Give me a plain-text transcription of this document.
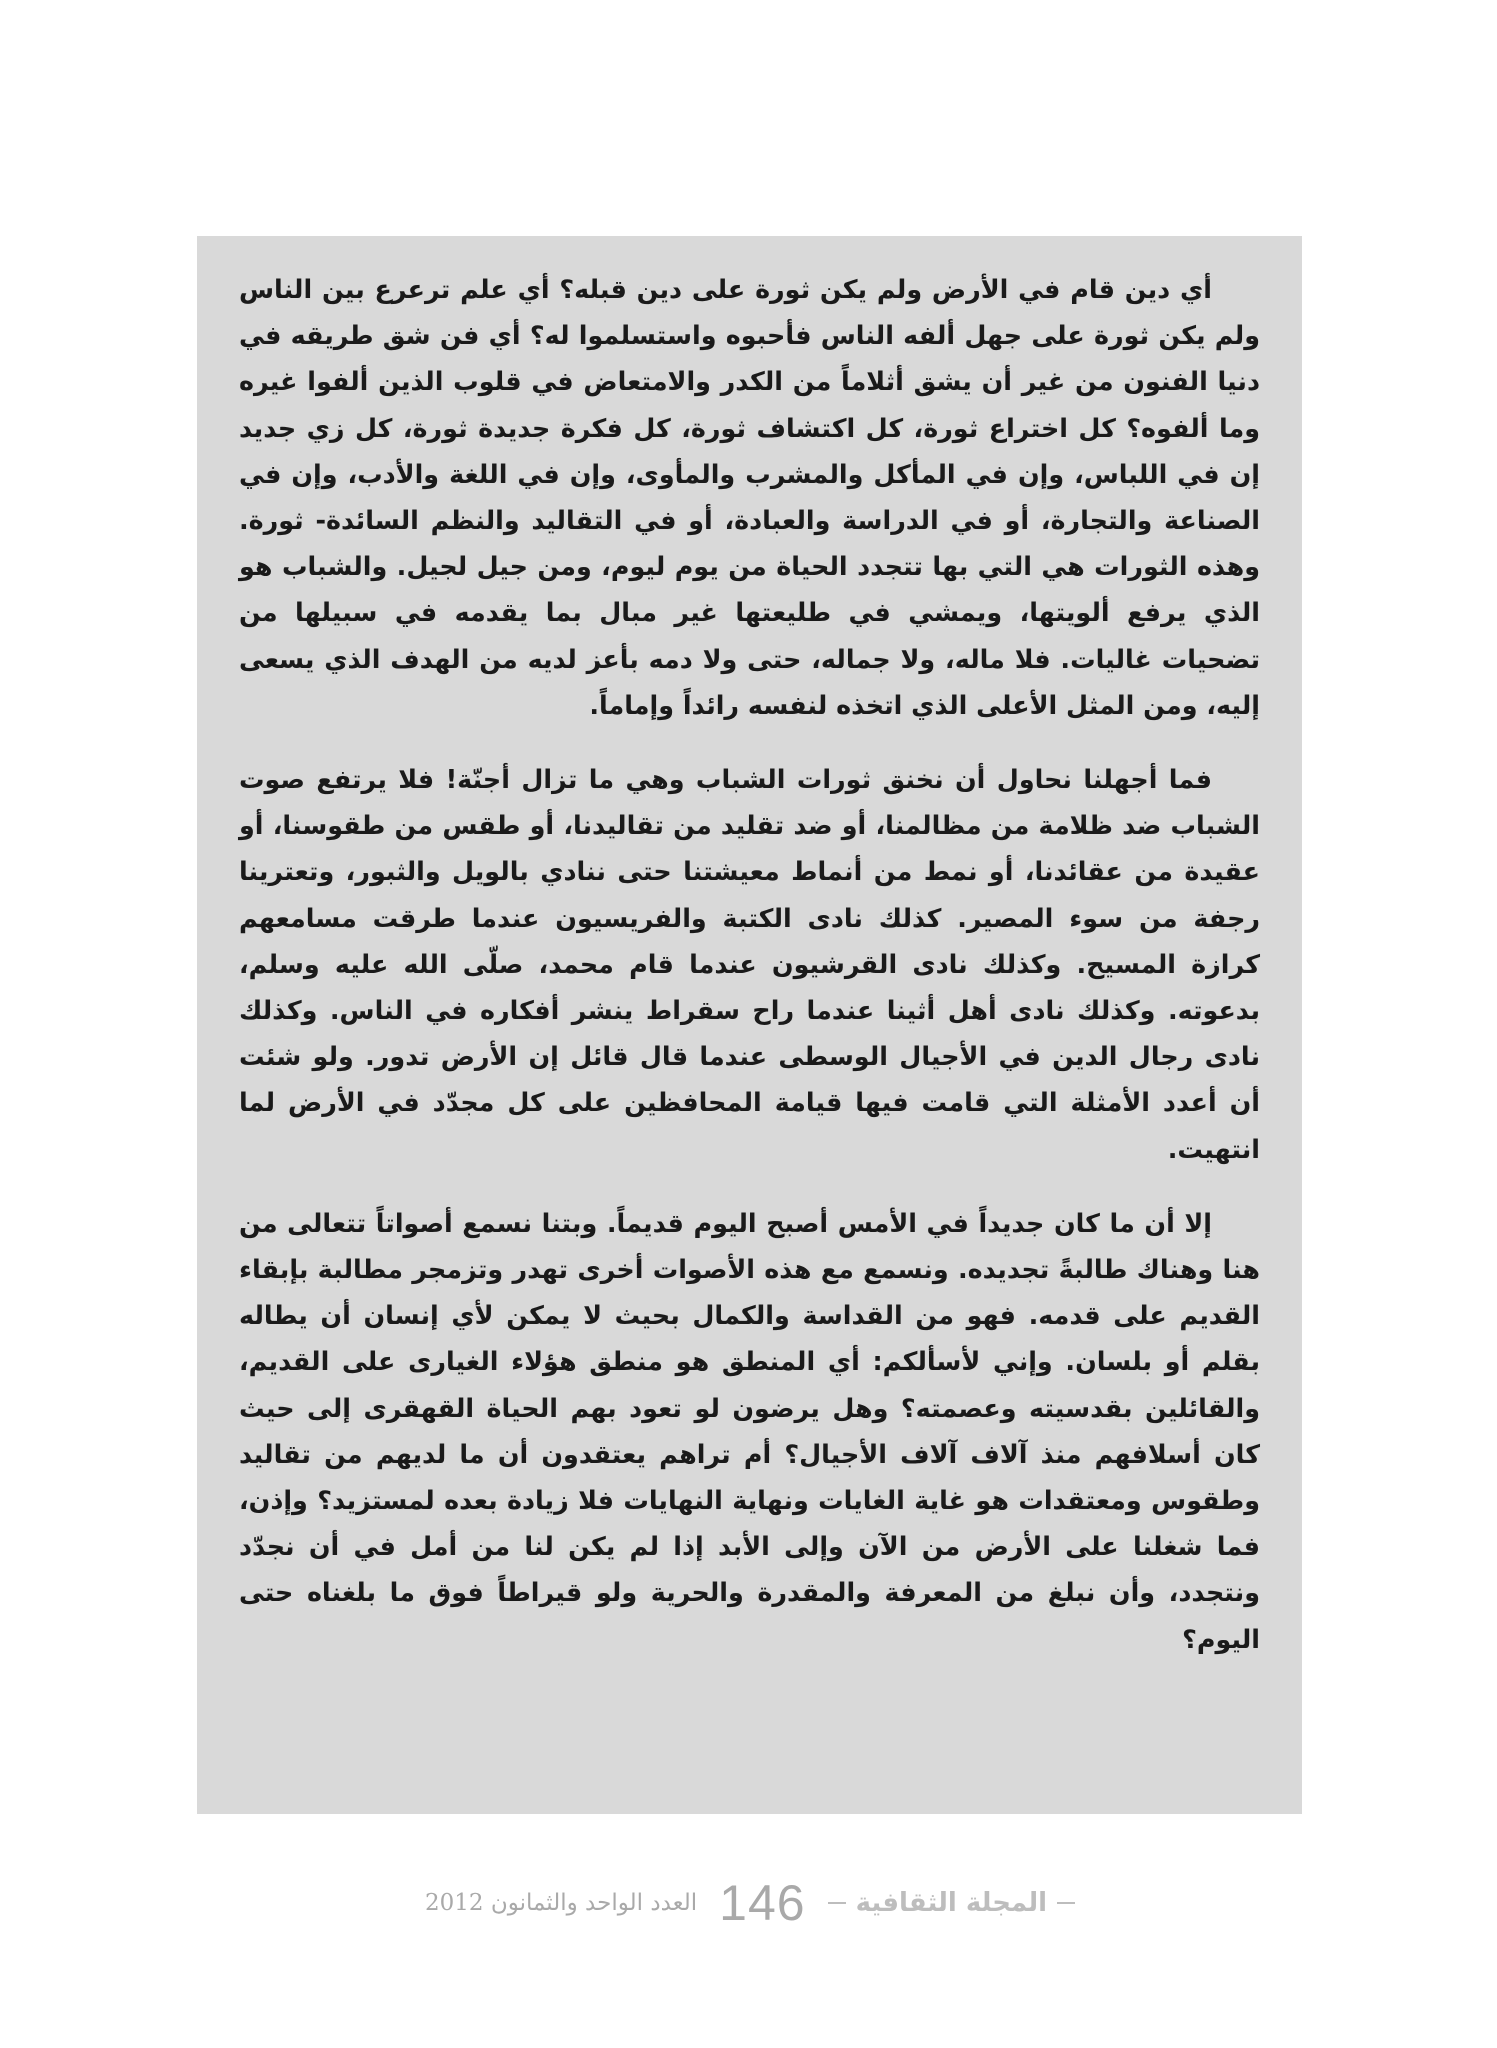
أي دين قام في الأرض ولم يكن ثورة على دين قبله؟ أي علم ترعرع بين الناس ولم يكن ثورة على جهل ألفه الناس فأحبوه واستسلموا له؟ أي فن شق طريقه في دنيا الفنون من غير أن يشق أثلاماً من الكدر والامتعاض في قلوب الذين ألفوا غيره وما ألفوه؟ كل اختراع ثورة، كل اكتشاف ثورة، كل فكرة جديدة ثورة، كل زي جديد إن في اللباس، وإن في المأكل والمشرب والمأوى، وإن في اللغة والأدب، وإن في الصناعة والتجارة، أو في الدراسة والعبادة، أو في التقاليد والنظم السائدة- ثورة. وهذه الثورات هي التي بها تتجدد الحياة من يوم ليوم، ومن جيل لجيل. والشباب هو الذي يرفع ألويتها، ويمشي في طليعتها غير مبال بما يقدمه في سبيلها من تضحيات غاليات. فلا ماله، ولا جماله، حتى ولا دمه بأعز لديه من الهدف الذي يسعى إليه، ومن المثل الأعلى الذي اتخذه لنفسه رائداً وإماماً.

فما أجهلنا نحاول أن نخنق ثورات الشباب وهي ما تزال أجنّة! فلا يرتفع صوت الشباب ضد ظلامة من مظالمنا، أو ضد تقليد من تقاليدنا، أو طقس من طقوسنا، أو عقيدة من عقائدنا، أو نمط من أنماط معيشتنا حتى ننادي بالويل والثبور، وتعترينا رجفة من سوء المصير. كذلك نادى الكتبة والفريسيون عندما طرقت مسامعهم كرازة المسيح. وكذلك نادى القرشيون عندما قام محمد، صلّى الله عليه وسلم، بدعوته. وكذلك نادى أهل أثينا عندما راح سقراط ينشر أفكاره في الناس. وكذلك نادى رجال الدين في الأجيال الوسطى عندما قال قائل إن الأرض تدور. ولو شئت أن أعدد الأمثلة التي قامت فيها قيامة المحافظين على كل مجدّد في الأرض لما انتهيت.

إلا أن ما كان جديداً في الأمس أصبح اليوم قديماً. وبتنا نسمع أصواتاً تتعالى من هنا وهناك طالبةً تجديده. ونسمع مع هذه الأصوات أخرى تهدر وتزمجر مطالبة بإبقاء القديم على قدمه. فهو من القداسة والكمال بحيث لا يمكن لأي إنسان أن يطاله بقلم أو بلسان. وإني لأسألكم: أي المنطق هو منطق هؤلاء الغيارى على القديم، والقائلين بقدسيته وعصمته؟ وهل يرضون لو تعود بهم الحياة القهقرى إلى حيث كان أسلافهم منذ آلاف آلاف الأجيال؟ أم تراهم يعتقدون أن ما لديهم من تقاليد وطقوس ومعتقدات هو غاية الغايات ونهاية النهايات فلا زيادة بعده لمستزيد؟ وإذن، فما شغلنا على الأرض من الآن وإلى الأبد إذا لم يكن لنا من أمل في أن نجدّد ونتجدد، وأن نبلغ من المعرفة والمقدرة والحرية ولو قيراطاً فوق ما بلغناه حتى اليوم؟

المجلة الثقافية
146
العدد الواحد والثمانون 2012
